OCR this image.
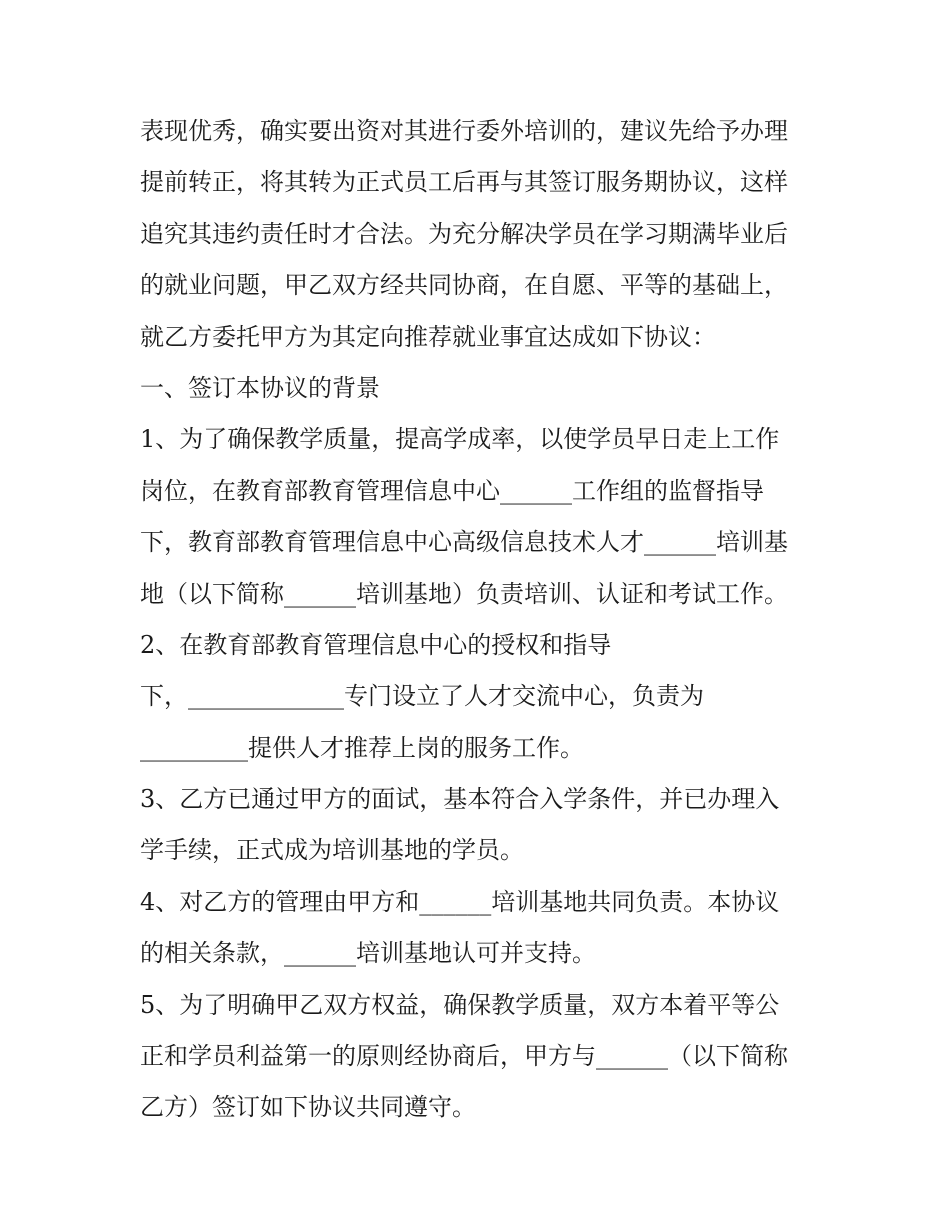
表现优秀，确实要出资对其进行委外培训的，建议先给予办理
提前转正，将其转为正式员工后再与其签订服务期协议，这样
追究其违约责任时才合法。为充分解决学员在学习期满毕业后
的就业问题，甲乙双方经共同协商，在自愿、平等的基础上，
就乙方委托甲方为其定向推荐就业事宜达成如下协议：
一、签订本协议的背景
1、为了确保教学质量，提高学成率，以使学员早日走上工作
岗位，在教育部教育管理信息中心______工作组的监督指导
下，教育部教育管理信息中心高级信息技术人才______培训基
地（以下简称______培训基地）负责培训、认证和考试工作。
2、在教育部教育管理信息中心的授权和指导
下，_____________专门设立了人才交流中心，负责为
_________提供人才推荐上岗的服务工作。
3、乙方已通过甲方的面试，基本符合入学条件，并已办理入
学手续，正式成为培训基地的学员。
4、对乙方的管理由甲方和______培训基地共同负责。本协议
的相关条款，______培训基地认可并支持。
5、为了明确甲乙双方权益，确保教学质量，双方本着平等公
正和学员利益第一的原则经协商后，甲方与______（以下简称
乙方）签订如下协议共同遵守。
